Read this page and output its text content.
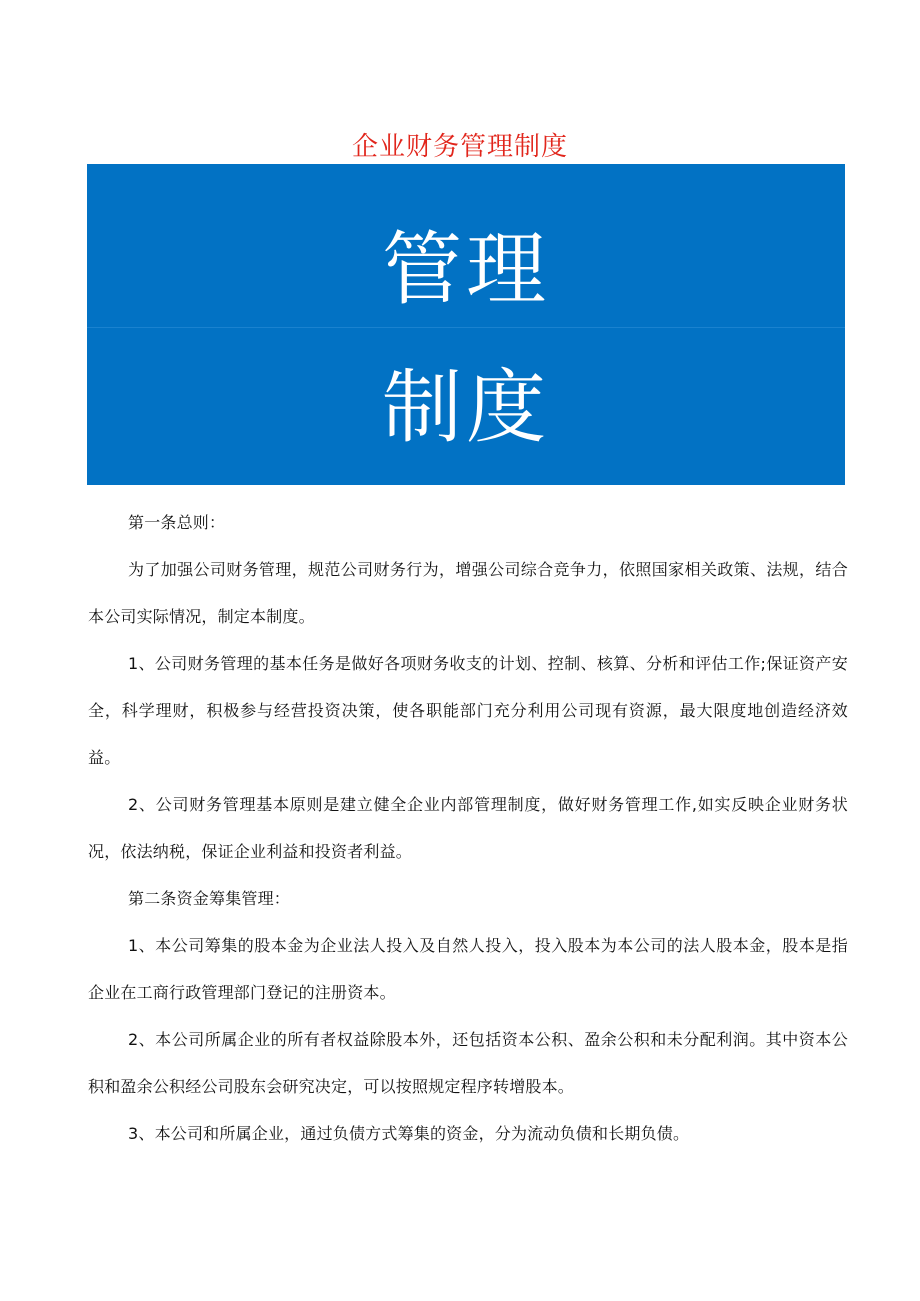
企业财务管理制度
管理
制度

第一条总则：

为了加强公司财务管理，规范公司财务行为，增强公司综合竞争力，依照国家相关政策、法规，结合本公司实际情况，制定本制度。

1、公司财务管理的基本任务是做好各项财务收支的计划、控制、核算、分析和评估工作;保证资产安全，科学理财，积极参与经营投资决策，使各职能部门充分利用公司现有资源，最大限度地创造经济效益。

2、公司财务管理基本原则是建立健全企业内部管理制度，做好财务管理工作,如实反映企业财务状况，依法纳税，保证企业利益和投资者利益。

第二条资金筹集管理：

1、本公司筹集的股本金为企业法人投入及自然人投入，投入股本为本公司的法人股本金，股本是指企业在工商行政管理部门登记的注册资本。

2、本公司所属企业的所有者权益除股本外，还包括资本公积、盈余公积和未分配利润。其中资本公积和盈余公积经公司股东会研究决定，可以按照规定程序转增股本。

3、本公司和所属企业，通过负债方式筹集的资金，分为流动负债和长期负债。
